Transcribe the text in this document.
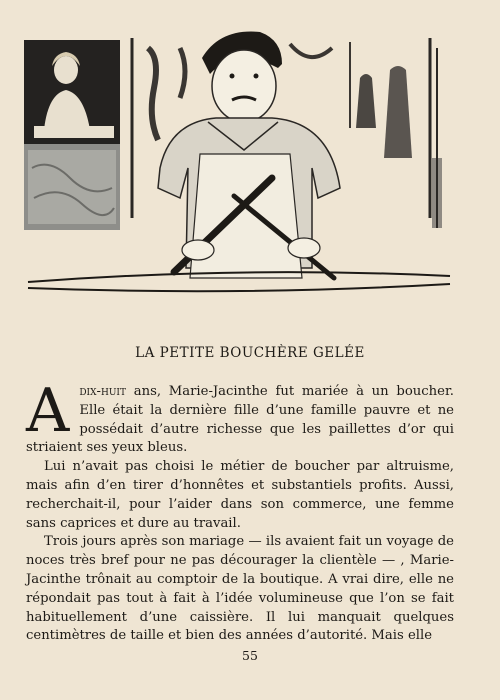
LA PETITE BOUCHÈRE GELÉE

Adix-huit ans, Marie-Jacinthe fut mariée à un boucher. Elle était la dernière fille d’une famille pauvre et ne possédait d’autre richesse que les paillettes d’or qui striaient ses yeux bleus.

Lui n’avait pas choisi le métier de boucher par altruisme, mais afin d’en tirer d’honnêtes et substantiels profits. Aussi, recherchait-il, pour l’aider dans son commerce, une femme sans caprices et dure au travail.

Trois jours après son mariage — ils avaient fait un voyage de noces très bref pour ne pas décourager la clientèle — , Marie-Jacinthe trônait au comptoir de la boutique. A vrai dire, elle ne répondait pas tout à fait à l’idée volumineuse que l’on se fait habituellement d’une caissière. Il lui manquait quelques centimètres de taille et bien des années d’autorité. Mais elle

55
